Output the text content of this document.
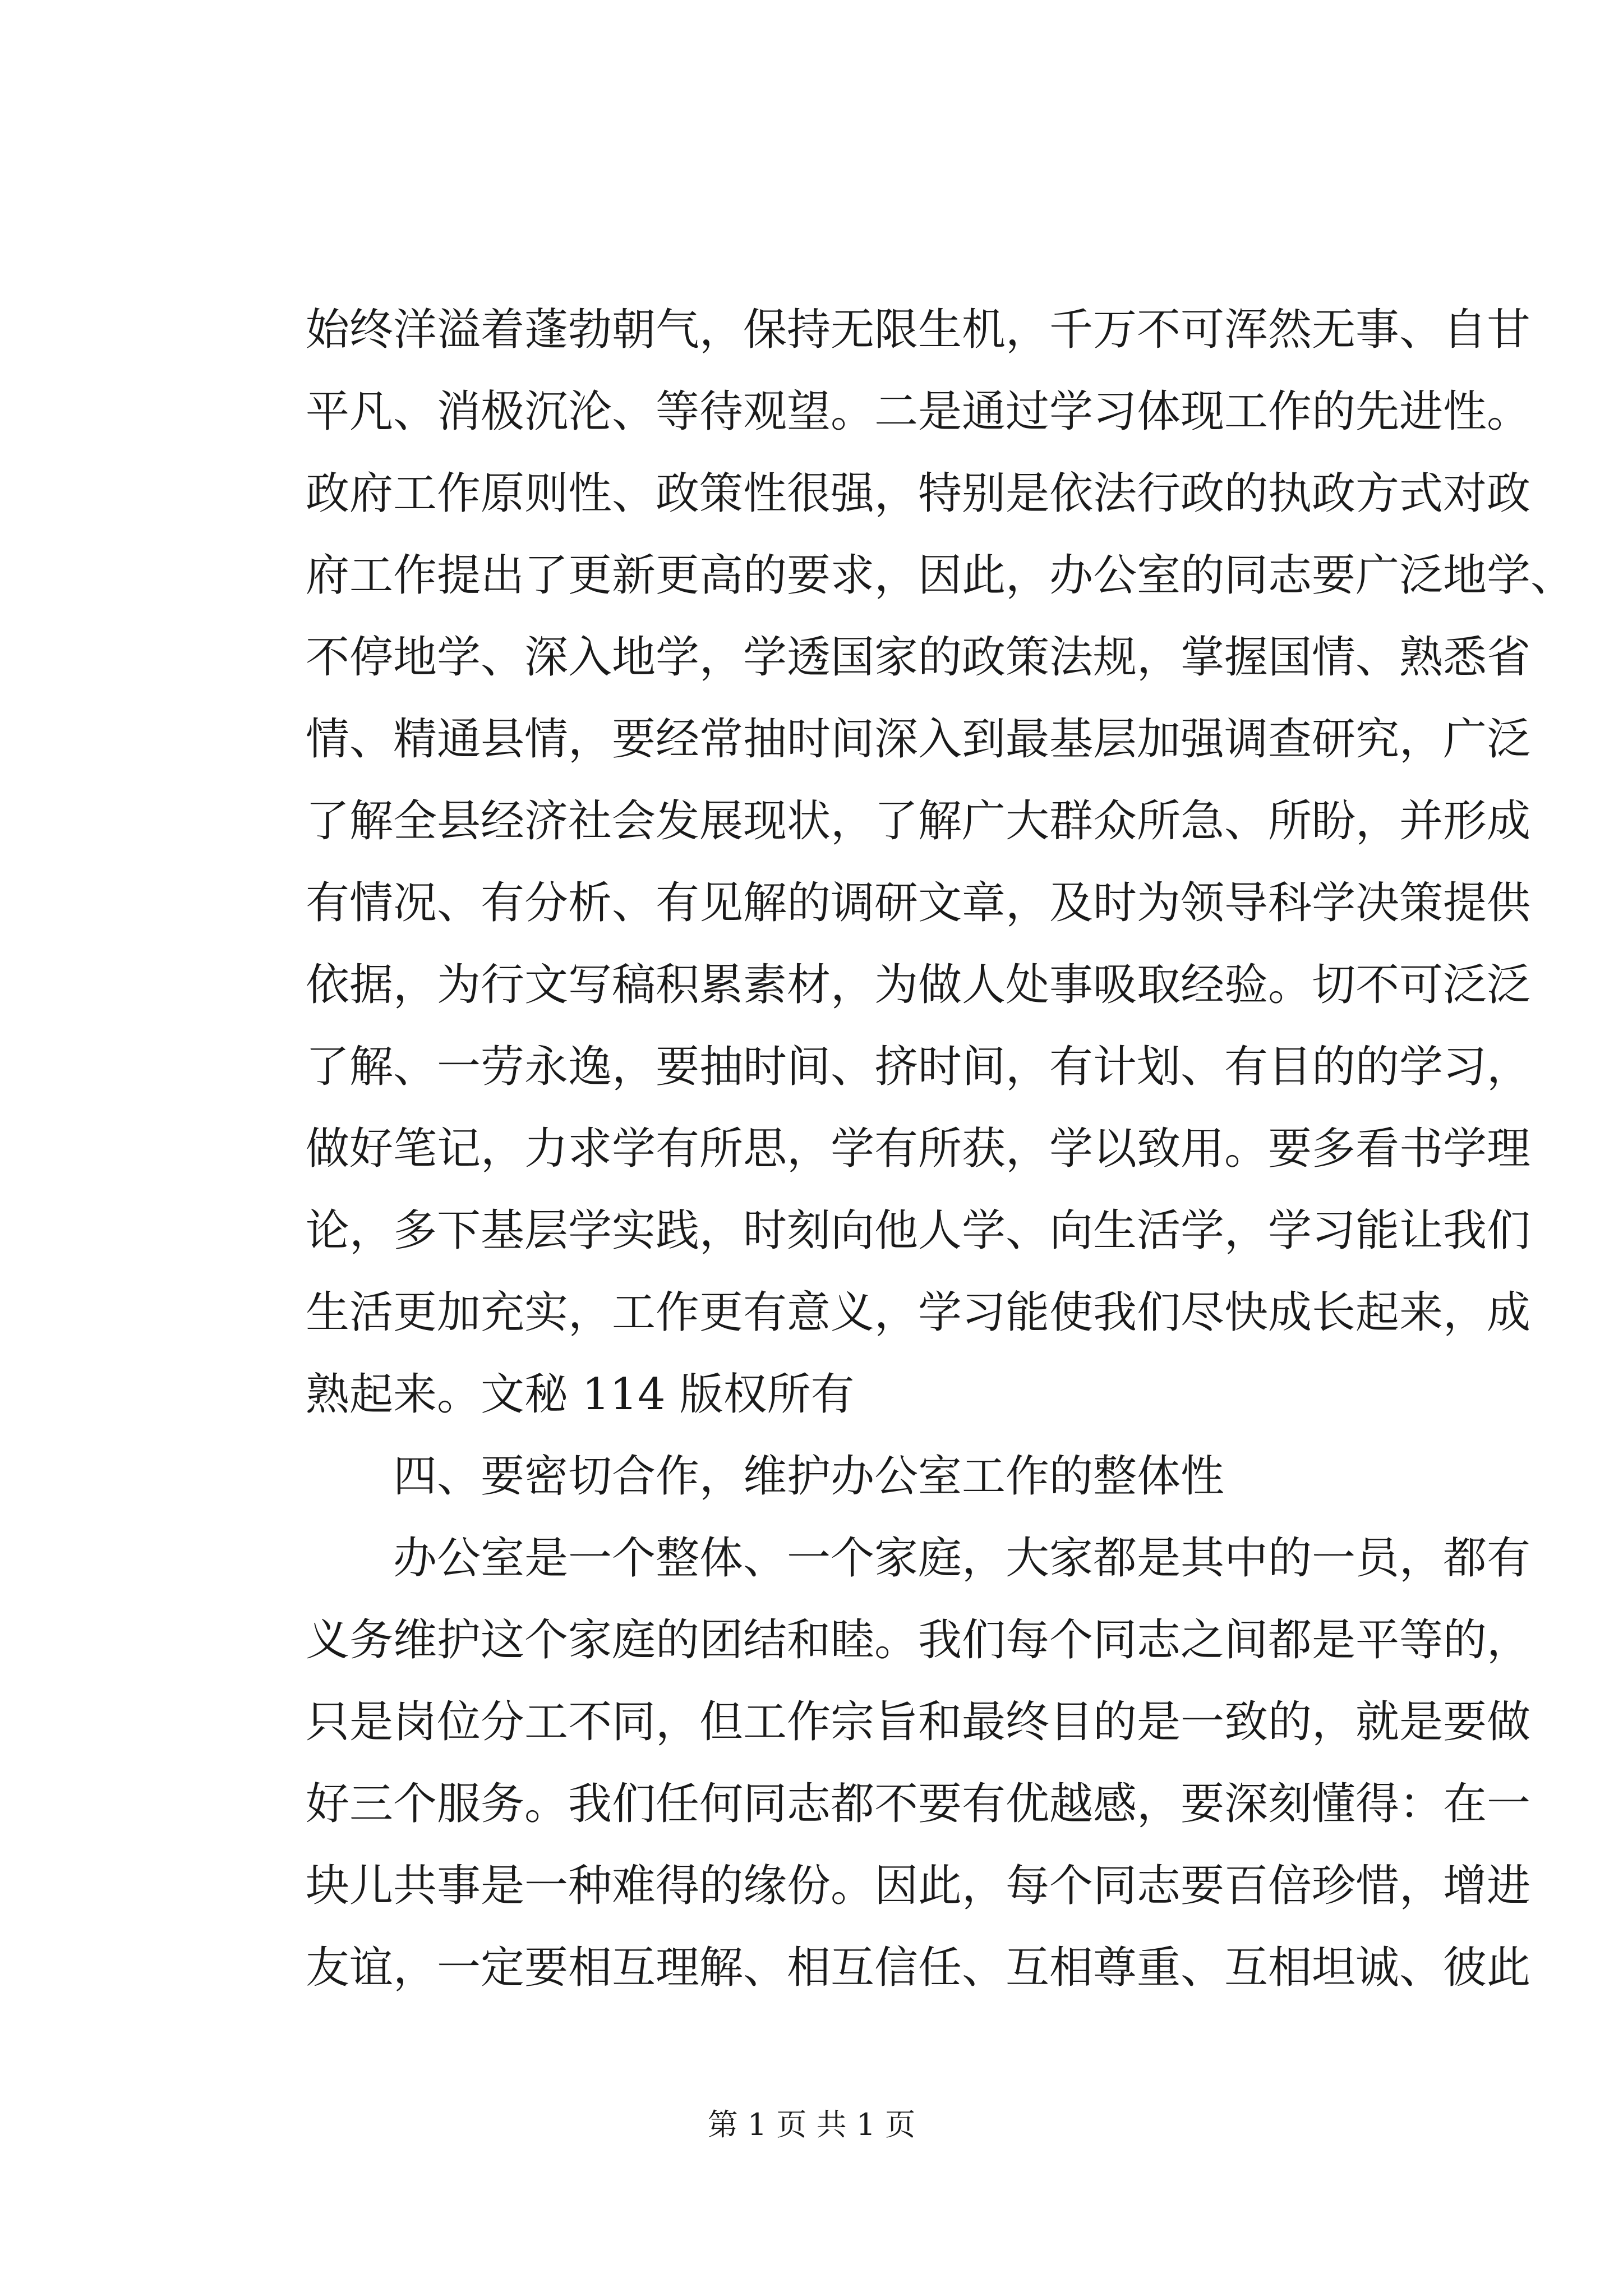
始终洋溢着蓬勃朝气，保持无限生机，千万不可浑然无事、自甘
平凡、消极沉沦、等待观望。二是通过学习体现工作的先进性。
政府工作原则性、政策性很强，特别是依法行政的执政方式对政
府工作提出了更新更高的要求，因此，办公室的同志要广泛地学、
不停地学、深入地学，学透国家的政策法规，掌握国情、熟悉省
情、精通县情，要经常抽时间深入到最基层加强调查研究，广泛
了解全县经济社会发展现状，了解广大群众所急、所盼，并形成
有情况、有分析、有见解的调研文章，及时为领导科学决策提供
依据，为行文写稿积累素材，为做人处事吸取经验。切不可泛泛
了解、一劳永逸，要抽时间、挤时间，有计划、有目的的学习，
做好笔记，力求学有所思，学有所获，学以致用。要多看书学理
论，多下基层学实践，时刻向他人学、向生活学，学习能让我们
生活更加充实，工作更有意义，学习能使我们尽快成长起来，成
熟起来。文秘 114 版权所有
四、要密切合作，维护办公室工作的整体性
办公室是一个整体、一个家庭，大家都是其中的一员，都有
义务维护这个家庭的团结和睦。我们每个同志之间都是平等的，
只是岗位分工不同，但工作宗旨和最终目的是一致的，就是要做
好三个服务。我们任何同志都不要有优越感，要深刻懂得：在一
块儿共事是一种难得的缘份。因此，每个同志要百倍珍惜，增进
友谊，一定要相互理解、相互信任、互相尊重、互相坦诚、彼此
第 1 页 共 1 页
